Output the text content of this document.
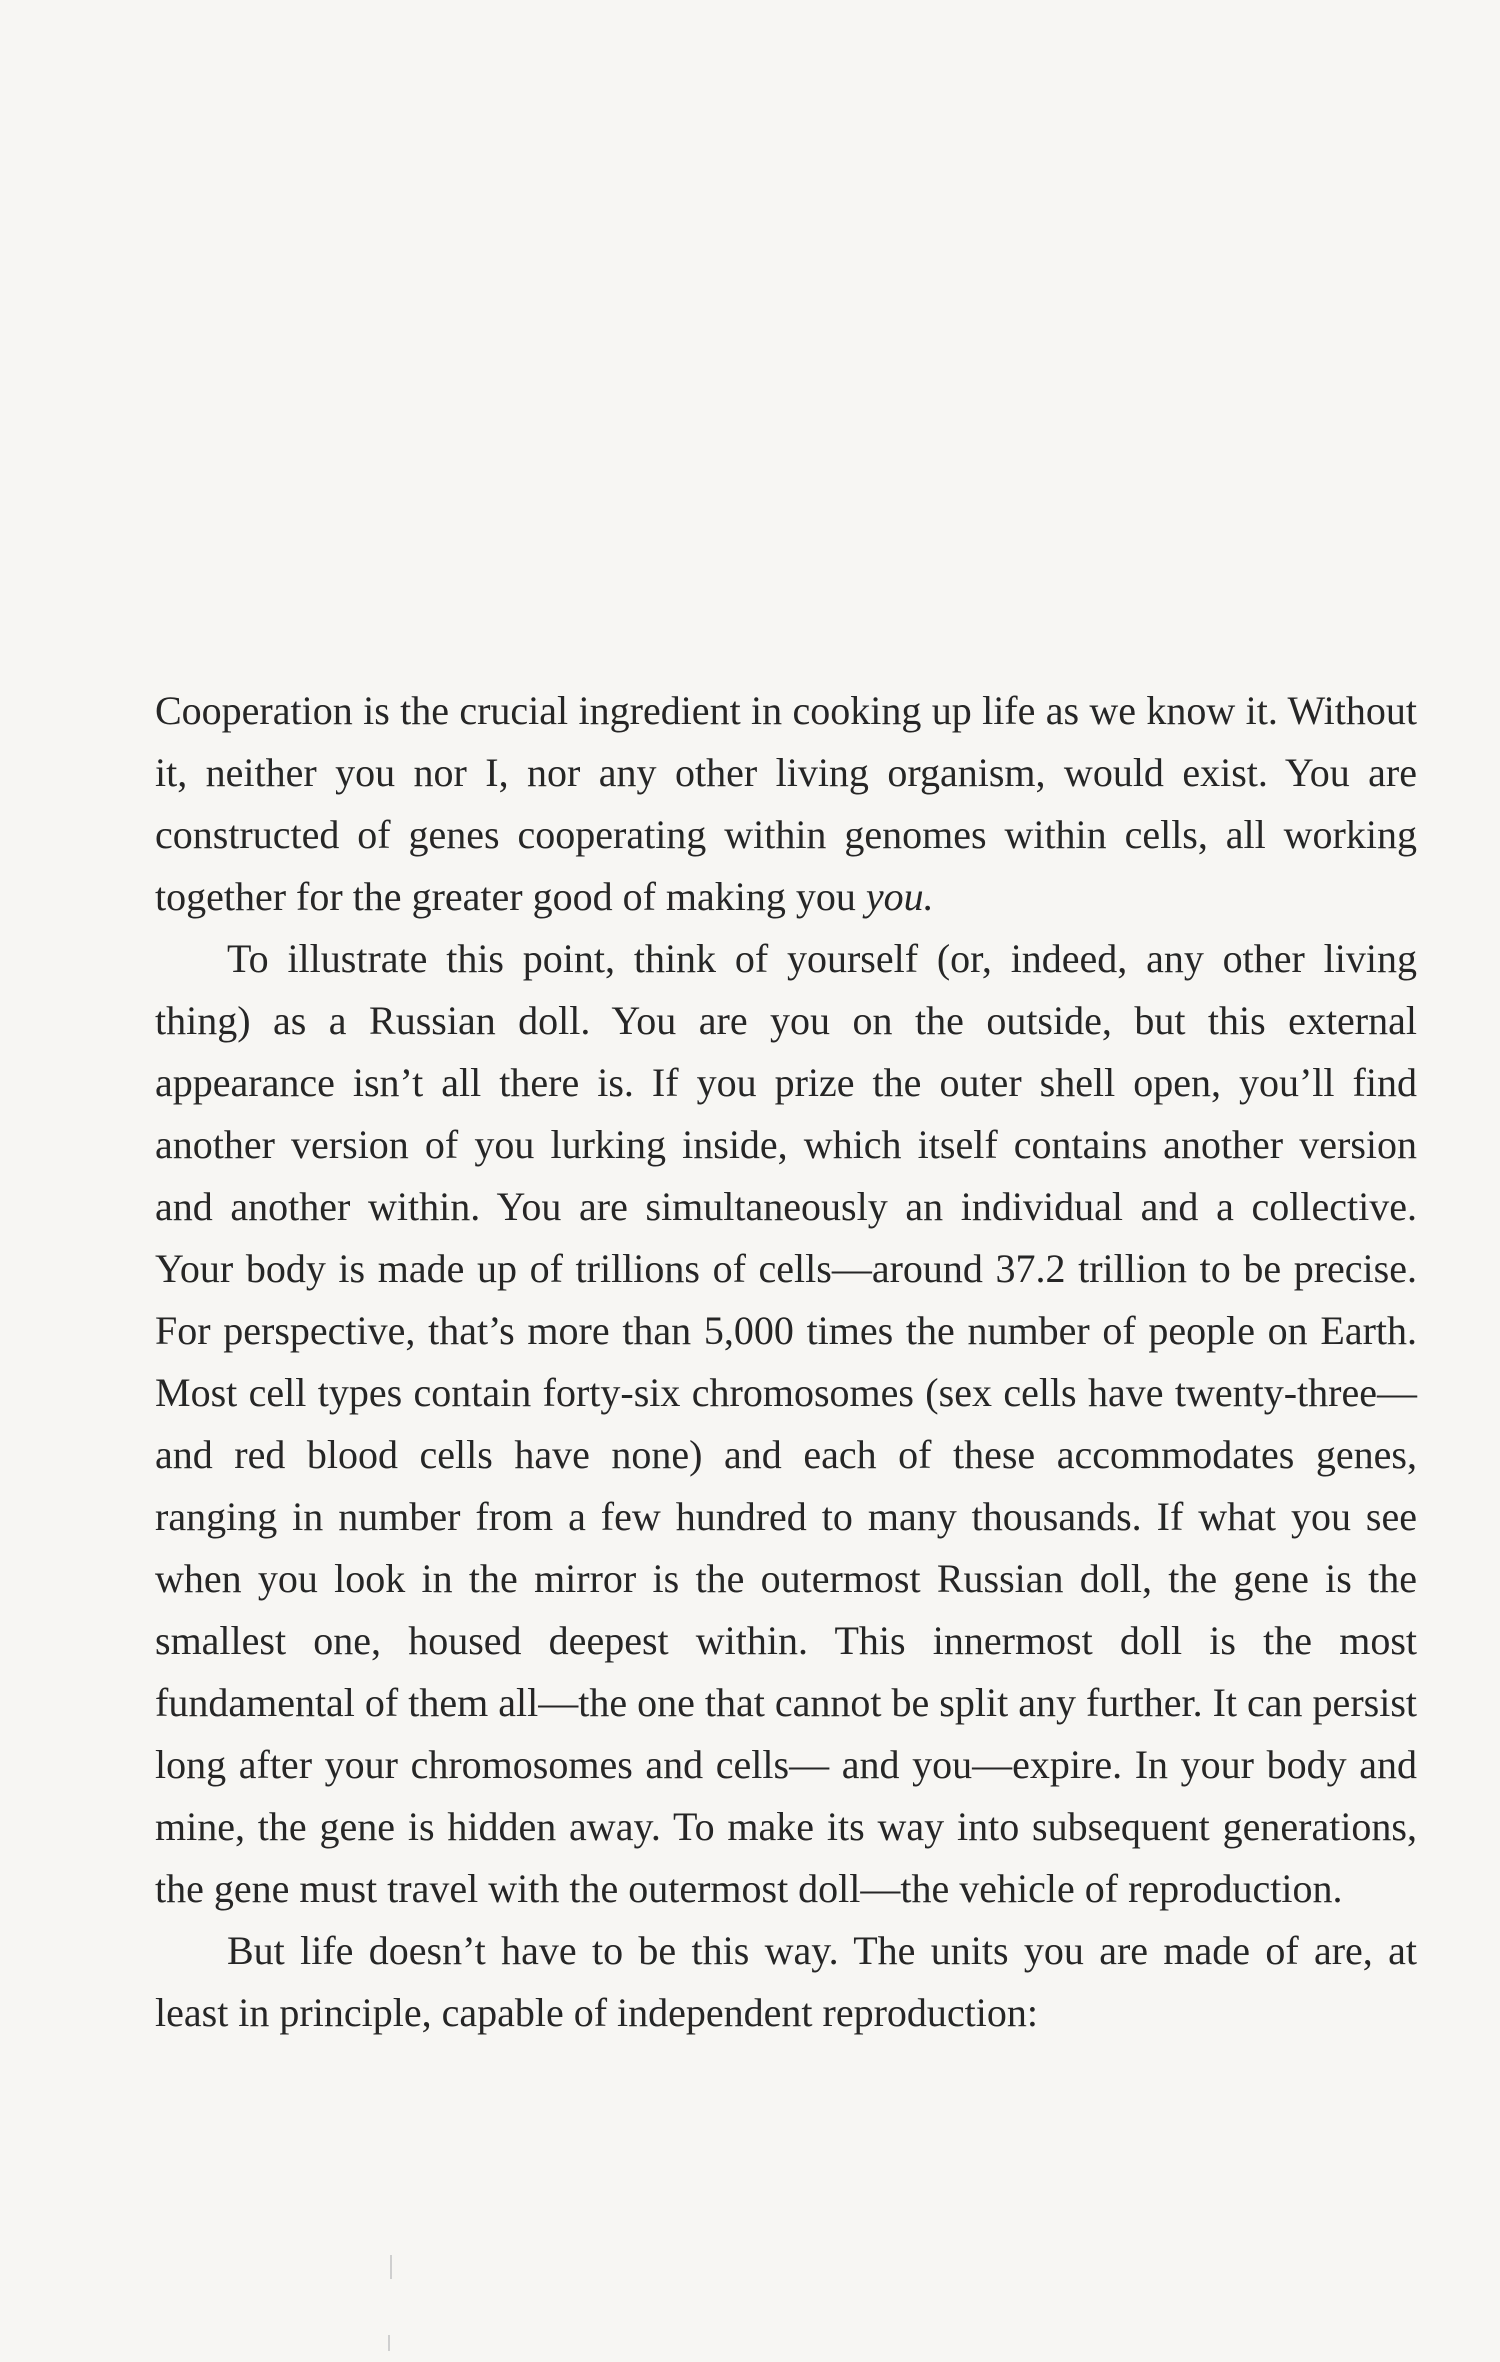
Cooperation is the crucial ingredient in cooking up life as we know it. Without it, neither you nor I, nor any other living organism, would exist. You are constructed of genes cooperating within genomes within cells, all working together for the greater good of making you you.

To illustrate this point, think of yourself (or, indeed, any other living thing) as a Russian doll. You are you on the outside, but this external appearance isn’t all there is. If you prize the outer shell open, you’ll find another version of you lurking inside, which itself contains another version and another within. You are simultaneously an individual and a collective. Your body is made up of trillions of cells—around 37.2 trillion to be precise. For perspective, that’s more than 5,000 times the number of people on Earth. Most cell types contain forty-six chromosomes (sex cells have twenty-three—and red blood cells have none) and each of these accommodates genes, ranging in number from a few hundred to many thousands. If what you see when you look in the mirror is the outermost Russian doll, the gene is the smallest one, housed deepest within. This innermost doll is the most fundamental of them all—the one that cannot be split any further. It can persist long after your chromosomes and cells— and you—expire. In your body and mine, the gene is hidden away. To make its way into subsequent generations, the gene must travel with the outermost doll—the vehicle of reproduction.

But life doesn’t have to be this way. The units you are made of are, at least in principle, capable of independent reproduction:
